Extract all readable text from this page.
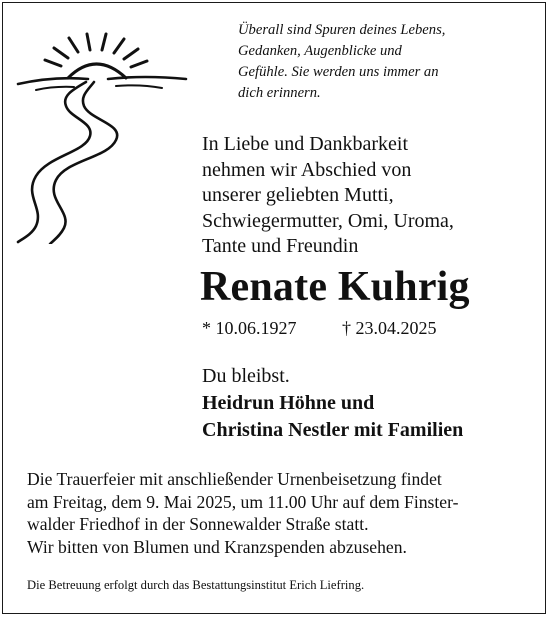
Überall sind Spuren deines Lebens,
Gedanken, Augenblicke und
Gefühle. Sie werden uns immer an
dich erinnern.
In Liebe und Dankbarkeit
nehmen wir Abschied von
unserer geliebten Mutti,
Schwiegermutter, Omi, Uroma,
Tante und Freundin
Renate Kuhrig
* 10.06.1927	† 23.04.2025
Du bleibst.
Heidrun Höhne und
Christina Nestler mit Familien
Die Trauerfeier mit anschließender Urnenbeisetzung findet
am Freitag, dem 9. Mai 2025, um 11.00 Uhr auf dem Finster-
walder Friedhof in der Sonnewalder Straße statt.
Wir bitten von Blumen und Kranzspenden abzusehen.
Die Betreuung erfolgt durch das Bestattungsinstitut Erich Liefring.
